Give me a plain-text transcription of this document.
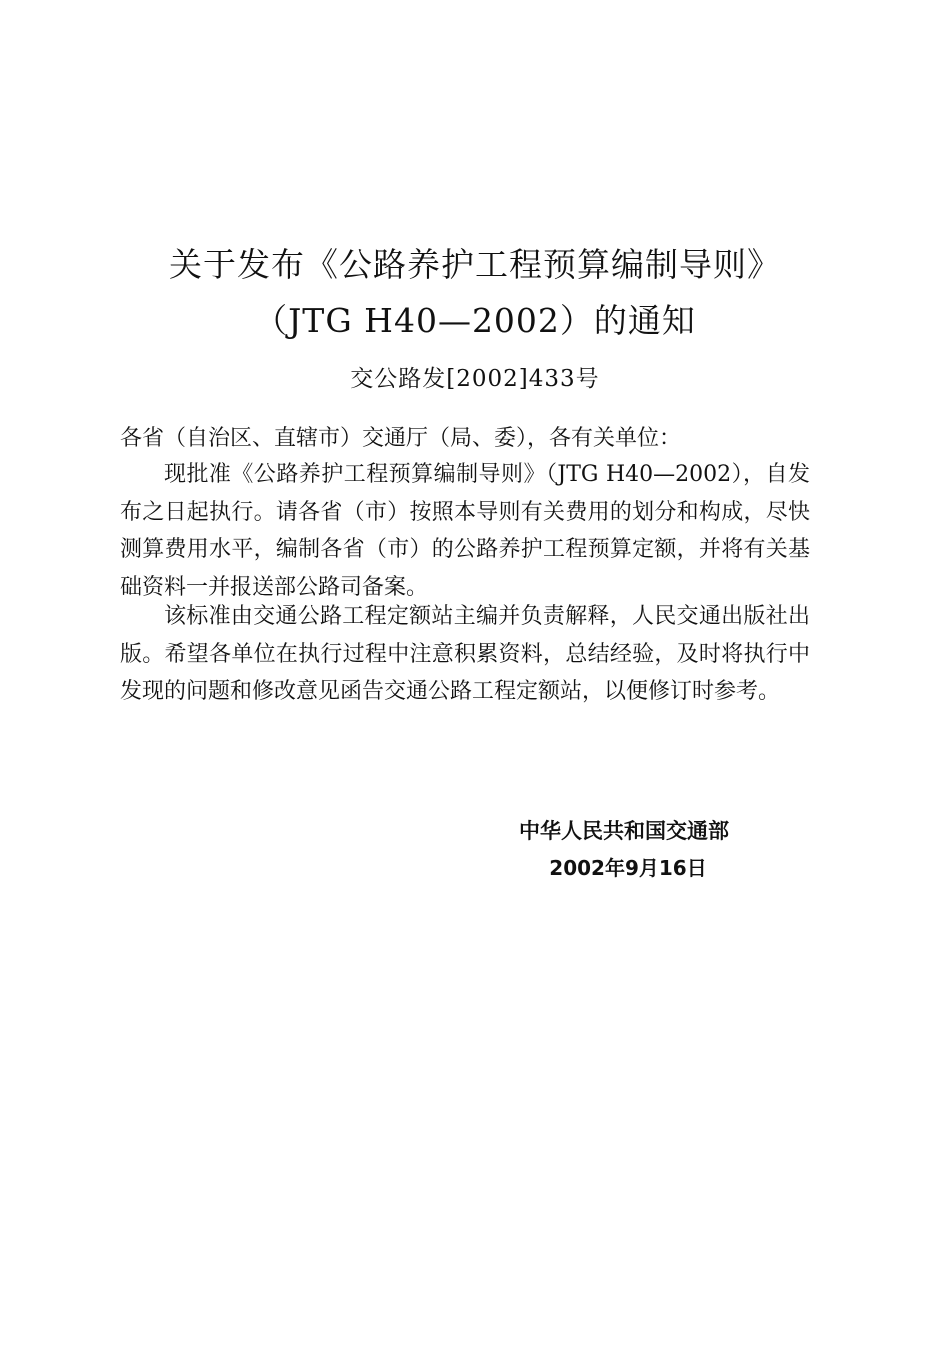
关于发布《公路养护工程预算编制导则》
（JTG H40—2002）的通知
交公路发[2002]433号
各省（自治区、直辖市）交通厅（局、委），各有关单位：
现批准《公路养护工程预算编制导则》（JTG H40—2002），自发布之日起执行。请各省（市）按照本导则有关费用的划分和构成，尽快测算费用水平，编制各省（市）的公路养护工程预算定额，并将有关基础资料一并报送部公路司备案。
该标准由交通公路工程定额站主编并负责解释，人民交通出版社出版。希望各单位在执行过程中注意积累资料，总结经验，及时将执行中发现的问题和修改意见函告交通公路工程定额站，以便修订时参考。
中华人民共和国交通部
2002年9月16日
